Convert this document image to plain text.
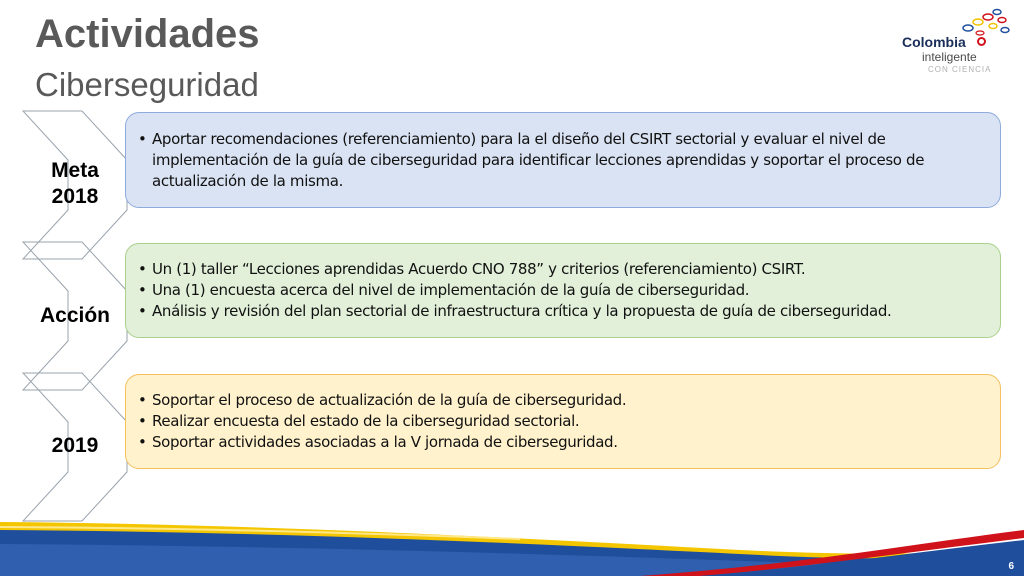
Actividades
Ciberseguridad
Colombia
inteligente
CON CIENCIA
Meta
2018
Acción
2019
• Aportar recomendaciones (referenciamiento) para la el diseño del CSIRT sectorial y evaluar el nivel de implementación de la guía de ciberseguridad para identificar lecciones aprendidas y soportar el proceso de actualización de la misma.
• Un (1) taller “Lecciones aprendidas Acuerdo CNO 788” y criterios (referenciamiento) CSIRT.
• Una (1) encuesta acerca del nivel de implementación de la guía de ciberseguridad.
• Análisis y revisión del plan sectorial de infraestructura crítica y la propuesta de guía de ciberseguridad.
• Soportar el proceso de actualización de la guía de ciberseguridad.
• Realizar encuesta del estado de la ciberseguridad sectorial.
• Soportar actividades asociadas a la V jornada de ciberseguridad.
6
